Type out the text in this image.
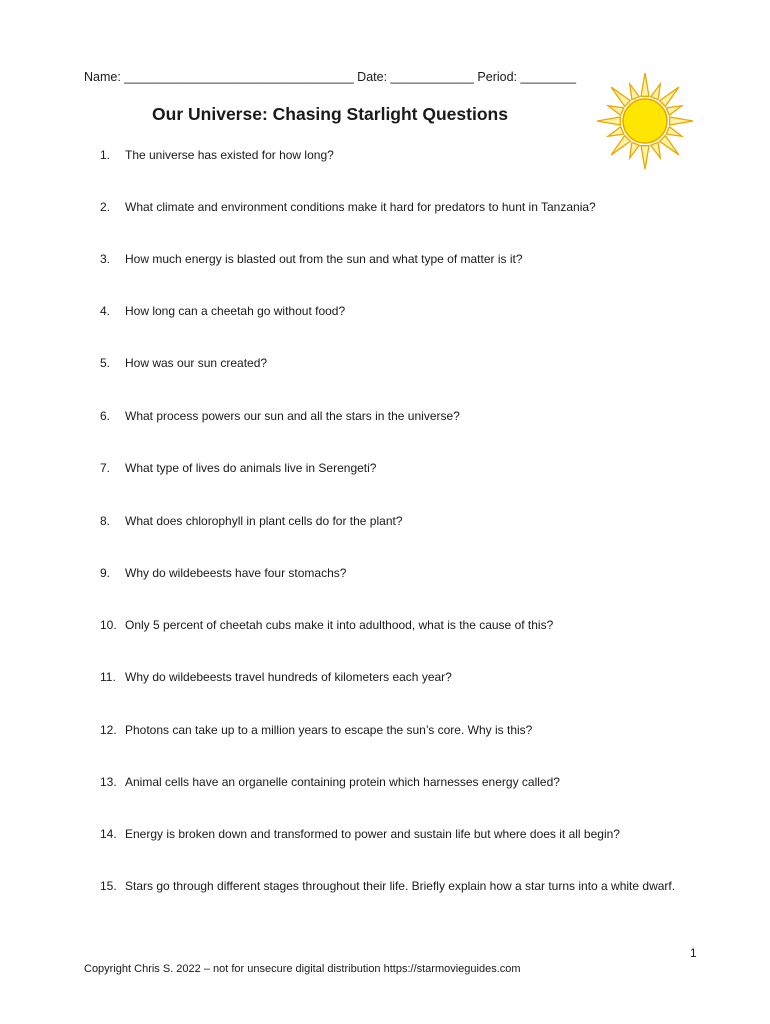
Name: _________________________________ Date: ____________ Period: ________
Our Universe: Chasing Starlight Questions
1.	The universe has existed for how long?
2.	What climate and environment conditions make it hard for predators to hunt in Tanzania?
3.	How much energy is blasted out from the sun and what type of matter is it?
4.	How long can a cheetah go without food?
5.	How was our sun created?
6.	What process powers our sun and all the stars in the universe?
7.	What type of lives do animals live in Serengeti?
8.	What does chlorophyll in plant cells do for the plant?
9.	Why do wildebeests have four stomachs?
10. Only 5 percent of cheetah cubs make it into adulthood, what is the cause of this?
11. Why do wildebeests travel hundreds of kilometers each year?
12. Photons can take up to a million years to escape the sun’s core. Why is this?
13. Animal cells have an organelle containing protein which harnesses energy called?
14. Energy is broken down and transformed to power and sustain life but where does it all begin?
15. Stars go through different stages throughout their life. Briefly explain how a star turns into a white dwarf.
1
Copyright Chris S. 2022 – not for unsecure digital distribution https://starmovieguides.com
